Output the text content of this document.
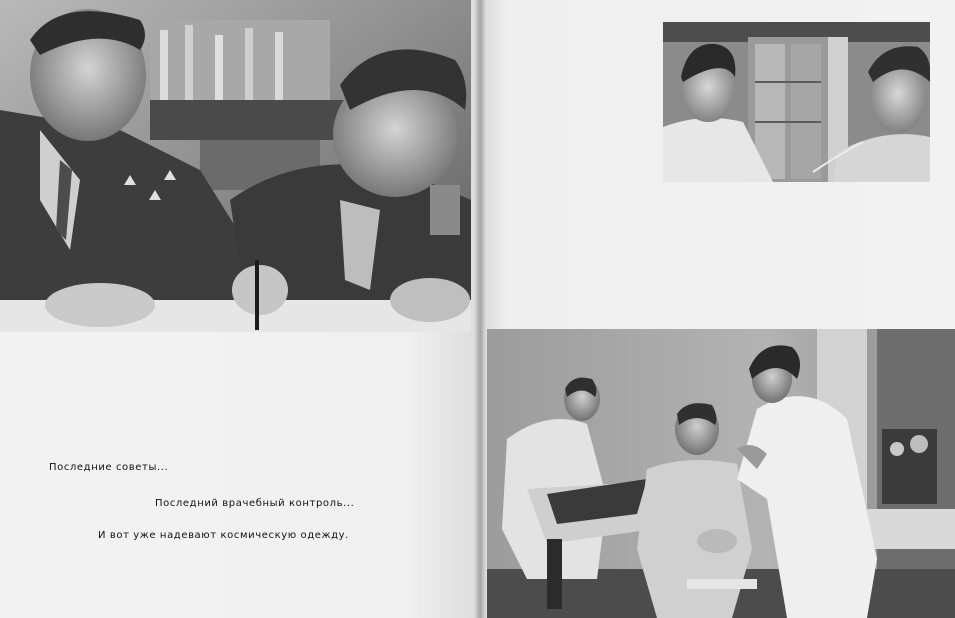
Последние советы...
Последний врачебный контроль...
И вот уже надевают космическую одежду.
